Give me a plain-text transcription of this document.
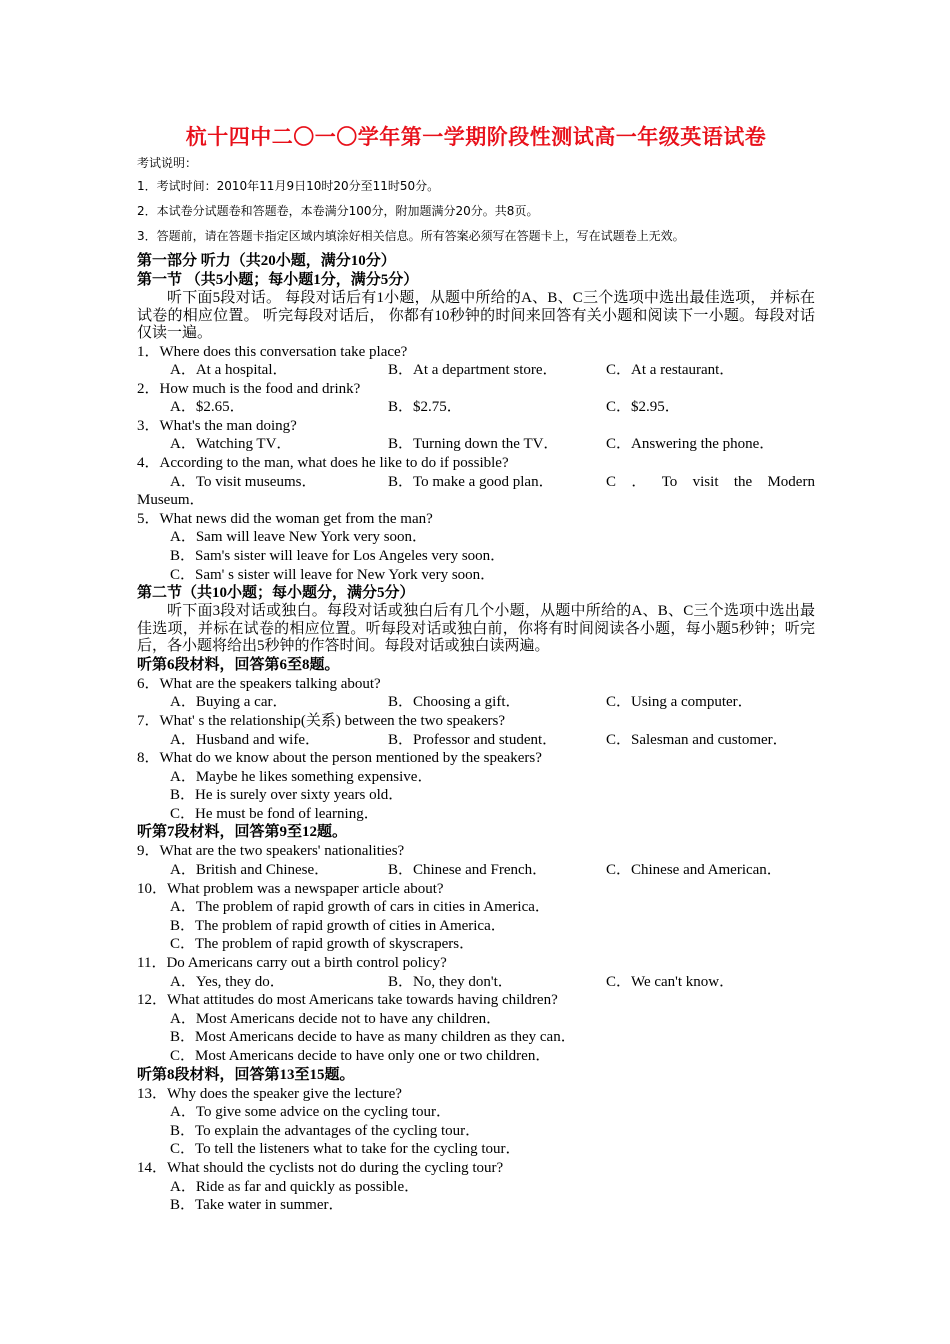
杭十四中二〇一〇学年第一学期阶段性测试高一年级英语试卷
考试说明：
1．考试时间：2010年11月9日10时20分至11时50分。
2．本试卷分试题卷和答题卷，本卷满分100分，附加题满分20分。共8页。
3．答题前，请在答题卡指定区域内填涂好相关信息。所有答案必须写在答题卡上，写在试题卷上无效。
第一部分 听力（共20小题，满分10分）
第一节 （共5小题；每小题1分，满分5分）
听下面5段对话。 每段对话后有1小题，从题中所给的A、B、C三个选项中选出最佳选项， 并标在试卷的相应位置。 听完每段对话后， 你都有10秒钟的时间来回答有关小题和阅读下一小题。每段对话仅读一遍。
1．Where does this conversation take place?
A．At a hospital．	B．At a department store．	C．At a restaurant．
2．How much is the food and drink?
A．$2.65．	B．$2.75．	C．$2.95．
3．What's the man doing?
A．Watching TV．	B．Turning down the TV．	C．Answering the phone．
4．According to the man, what does he like to do if possible?
A．To visit museums．	B．To make a good plan．	C ． To visit the Modern
Museum．
5．What news did the woman get from the man?
A．Sam will leave New York very soon．
B．Sam's sister will leave for Los Angeles very soon．
C．Sam' s sister will leave for New York very soon．
第二节（共10小题；每小题分，满分5分）
听下面3段对话或独白。每段对话或独白后有几个小题，从题中所给的A、B、C三个选项中选出最佳选项，并标在试卷的相应位置。听每段对话或独白前，你将有时间阅读各小题，每小题5秒钟；听完后，各小题将给出5秒钟的作答时间。每段对话或独白读两遍。
听第6段材料，回答第6至8题。
6．What are the speakers talking about?
A．Buying a car．	B．Choosing a gift．	C．Using a computer．
7．What' s the relationship(关系) between the two speakers?
A．Husband and wife．	B．Professor and student．	C．Salesman and customer．
8．What do we know about the person mentioned by the speakers?
A．Maybe he likes something expensive．
B．He is surely over sixty years old．
C．He must be fond of learning．
听第7段材料，回答第9至12题。
9．What are the two speakers' nationalities?
A．British and Chinese．	B．Chinese and French．	C．Chinese and American．
10．What problem was a newspaper article about?
A．The problem of rapid growth of cars in cities in America．
B．The problem of rapid growth of cities in America．
C．The problem of rapid growth of skyscrapers．
11．Do Americans carry out a birth control policy?
A．Yes, they do．	B．No, they don't．	C．We can't know．
12．What attitudes do most Americans take towards having children?
A．Most Americans decide not to have any children．
B．Most Americans decide to have as many children as they can．
C．Most Americans decide to have only one or two children．
听第8段材料，回答第13至15题。
13．Why does the speaker give the lecture?
A．To give some advice on the cycling tour．
B．To explain the advantages of the cycling tour．
C．To tell the listeners what to take for the cycling tour．
14．What should the cyclists not do during the cycling tour?
A．Ride as far and quickly as possible．
B．Take water in summer．
